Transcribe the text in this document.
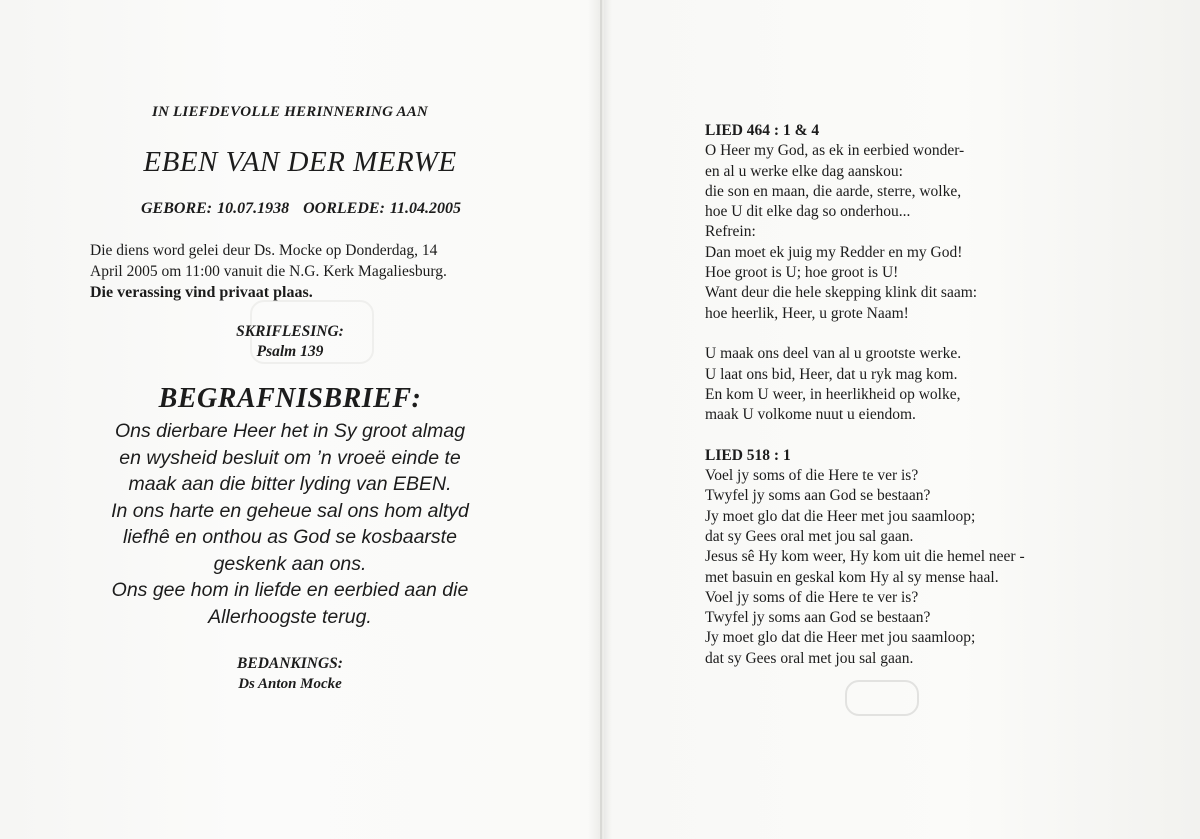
IN LIEFDEVOLLE HERINNERING AAN
EBEN VAN DER MERWE
GEBORE: 10.07.1938 OORLEDE: 11.04.2005
Die diens word gelei deur Ds. Mocke op Donderdag, 14
April 2005 om 11:00 vanuit die N.G. Kerk Magaliesburg.
Die verassing vind privaat plaas.
SKRIFLESING:
Psalm 139
BEGRAFNISBRIEF:
Ons dierbare Heer het in Sy groot almag
en wysheid besluit om ’n vroeë einde te
maak aan die bitter lyding van EBEN.
In ons harte en geheue sal ons hom altyd
liefhê en onthou as God se kosbaarste
geskenk aan ons.
Ons gee hom in liefde en eerbied aan die
Allerhoogste terug.
BEDANKINGS:
Ds Anton Mocke
LIED 464 : 1 & 4
O Heer my God, as ek in eerbied wonder-
en al u werke elke dag aanskou:
die son en maan, die aarde, sterre, wolke,
hoe U dit elke dag so onderhou...
Refrein:
Dan moet ek juig my Redder en my God!
Hoe groot is U; hoe groot is U!
Want deur die hele skepping klink dit saam:
hoe heerlik, Heer, u grote Naam!
U maak ons deel van al u grootste werke.
U laat ons bid, Heer, dat u ryk mag kom.
En kom U weer, in heerlikheid op wolke,
maak U volkome nuut u eiendom.
LIED 518 : 1
Voel jy soms of die Here te ver is?
Twyfel jy soms aan God se bestaan?
Jy moet glo dat die Heer met jou saamloop;
dat sy Gees oral met jou sal gaan.
Jesus sê Hy kom weer, Hy kom uit die hemel neer -
met basuin en geskal kom Hy al sy mense haal.
Voel jy soms of die Here te ver is?
Twyfel jy soms aan God se bestaan?
Jy moet glo dat die Heer met jou saamloop;
dat sy Gees oral met jou sal gaan.
